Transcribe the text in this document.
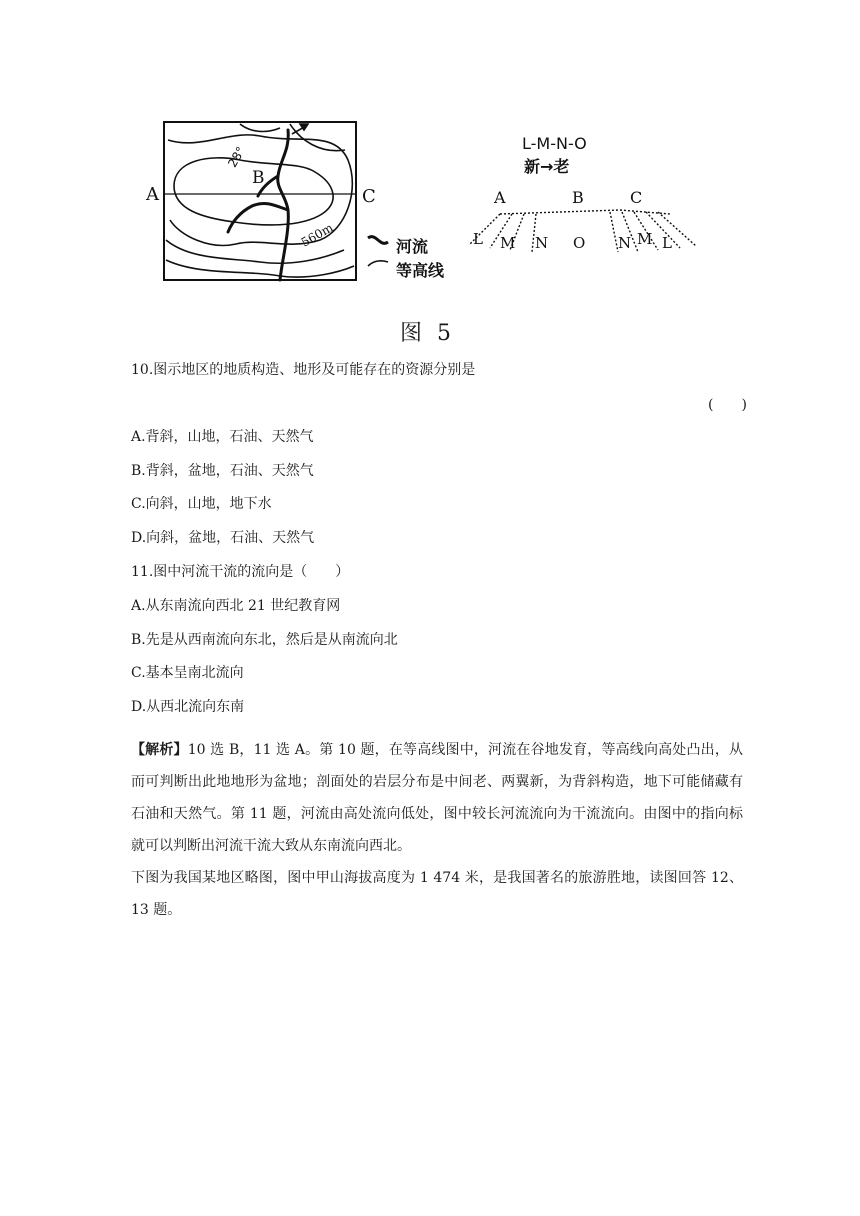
A
B
C
28°
560m	河流
等高线
L-M-N-O
新→老
A	B	C
L M N O N M L
图 5
10.图示地区的地质构造、地形及可能存在的资源分别是
(　　)
A.背斜，山地，石油、天然气
B.背斜，盆地，石油、天然气
C.向斜，山地，地下水
D.向斜，盆地，石油、天然气
11.图中河流干流的流向是（　　）
A.从东南流向西北 21 世纪教育网
B.先是从西南流向东北，然后是从南流向北
C.基本呈南北流向
D.从西北流向东南
【解析】10 选 B，11 选 A。第 10 题，在等高线图中，河流在谷地发育，等高线向高处凸出，从而可判断出此地地形为盆地；剖面处的岩层分布是中间老、两翼新，为背斜构造，地下可能储藏有石油和天然气。第 11 题，河流由高处流向低处，图中较长河流流向为干流流向。由图中的指向标就可以判断出河流干流大致从东南流向西北。
下图为我国某地区略图，图中甲山海拔高度为 1 474 米，是我国著名的旅游胜地，读图回答 12、13 题。
